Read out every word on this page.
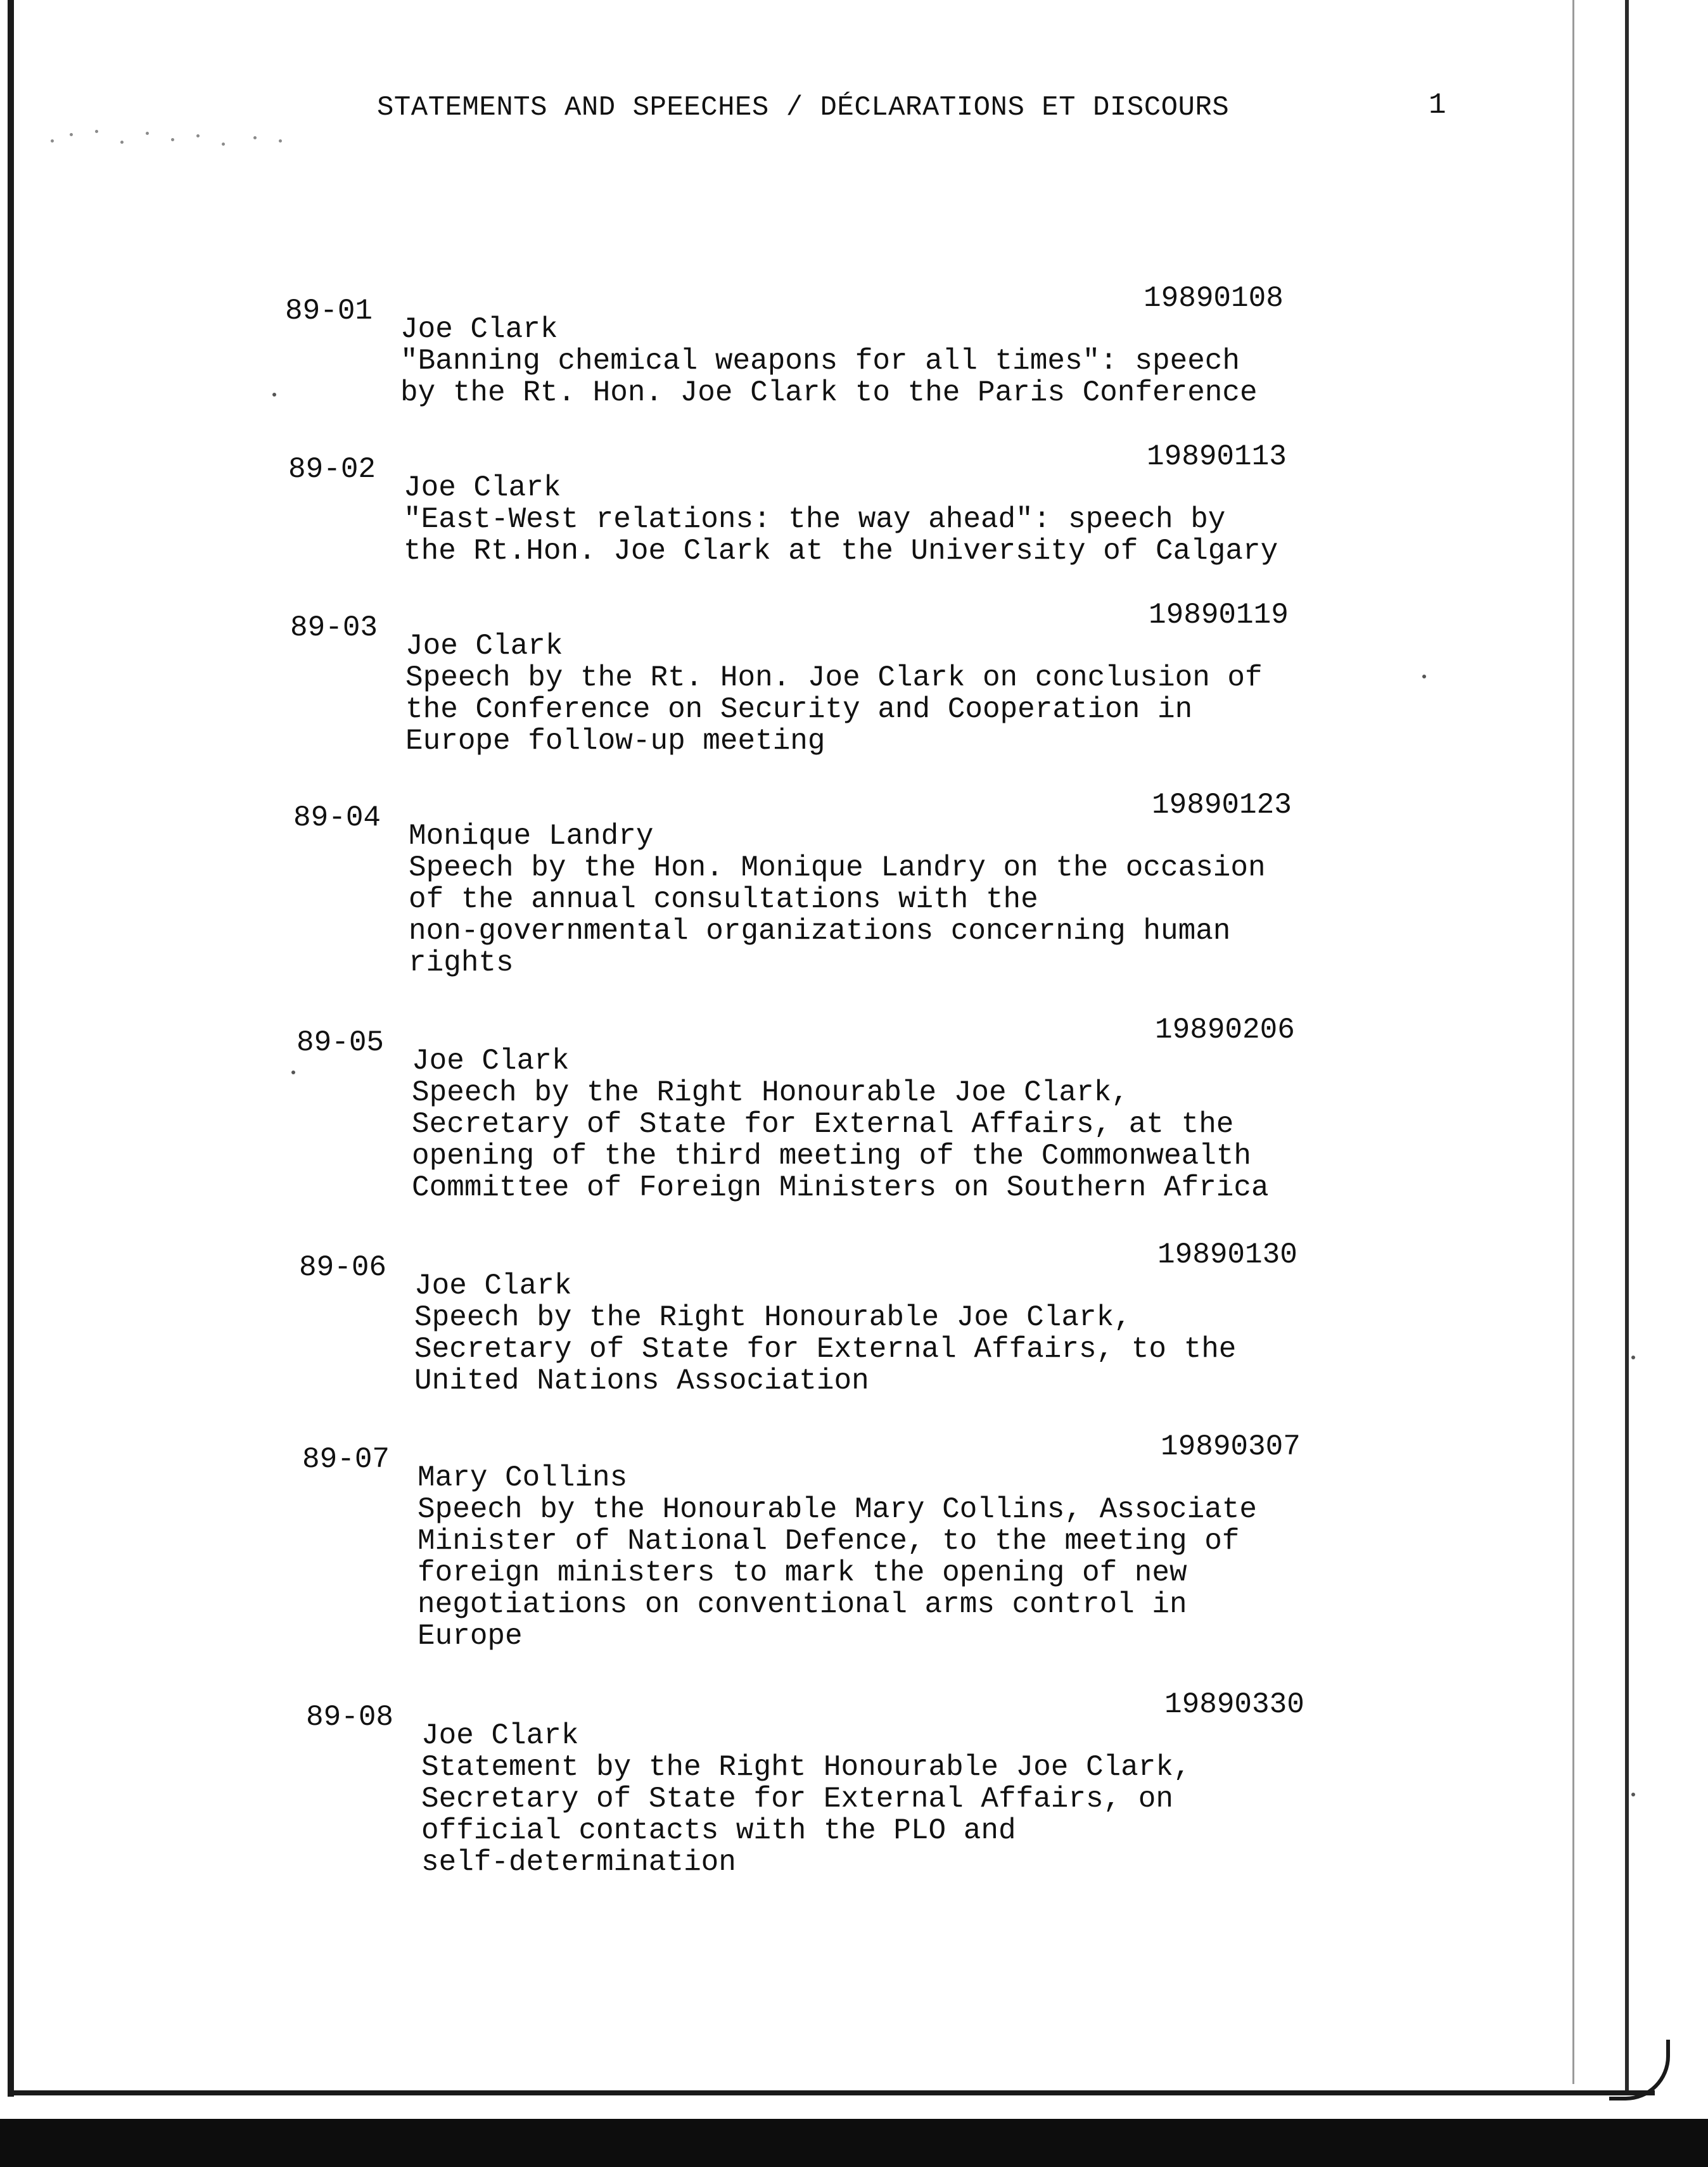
STATEMENTS AND SPEECHES / DÉCLARATIONS ET DISCOURS	1
89-01	19890108
Joe Clark
"Banning chemical weapons for all times": speech
by the Rt. Hon. Joe Clark to the Paris Conference
89-02	19890113
Joe Clark
"East-West relations: the way ahead": speech by
the Rt.Hon. Joe Clark at the University of Calgary
89-03	19890119
Joe Clark
Speech by the Rt. Hon. Joe Clark on conclusion of
the Conference on Security and Cooperation in
Europe follow-up meeting
89-04	19890123
Monique Landry
Speech by the Hon. Monique Landry on the occasion
of the annual consultations with the
non-governmental organizations concerning human
rights
89-05	19890206
Joe Clark
Speech by the Right Honourable Joe Clark,
Secretary of State for External Affairs, at the
opening of the third meeting of the Commonwealth
Committee of Foreign Ministers on Southern Africa
89-06	19890130
Joe Clark
Speech by the Right Honourable Joe Clark,
Secretary of State for External Affairs, to the
United Nations Association
89-07	19890307
Mary Collins
Speech by the Honourable Mary Collins, Associate
Minister of National Defence, to the meeting of
foreign ministers to mark the opening of new
negotiations on conventional arms control in
Europe
89-08	19890330
Joe Clark
Statement by the Right Honourable Joe Clark,
Secretary of State for External Affairs, on
official contacts with the PLO and
self-determination
